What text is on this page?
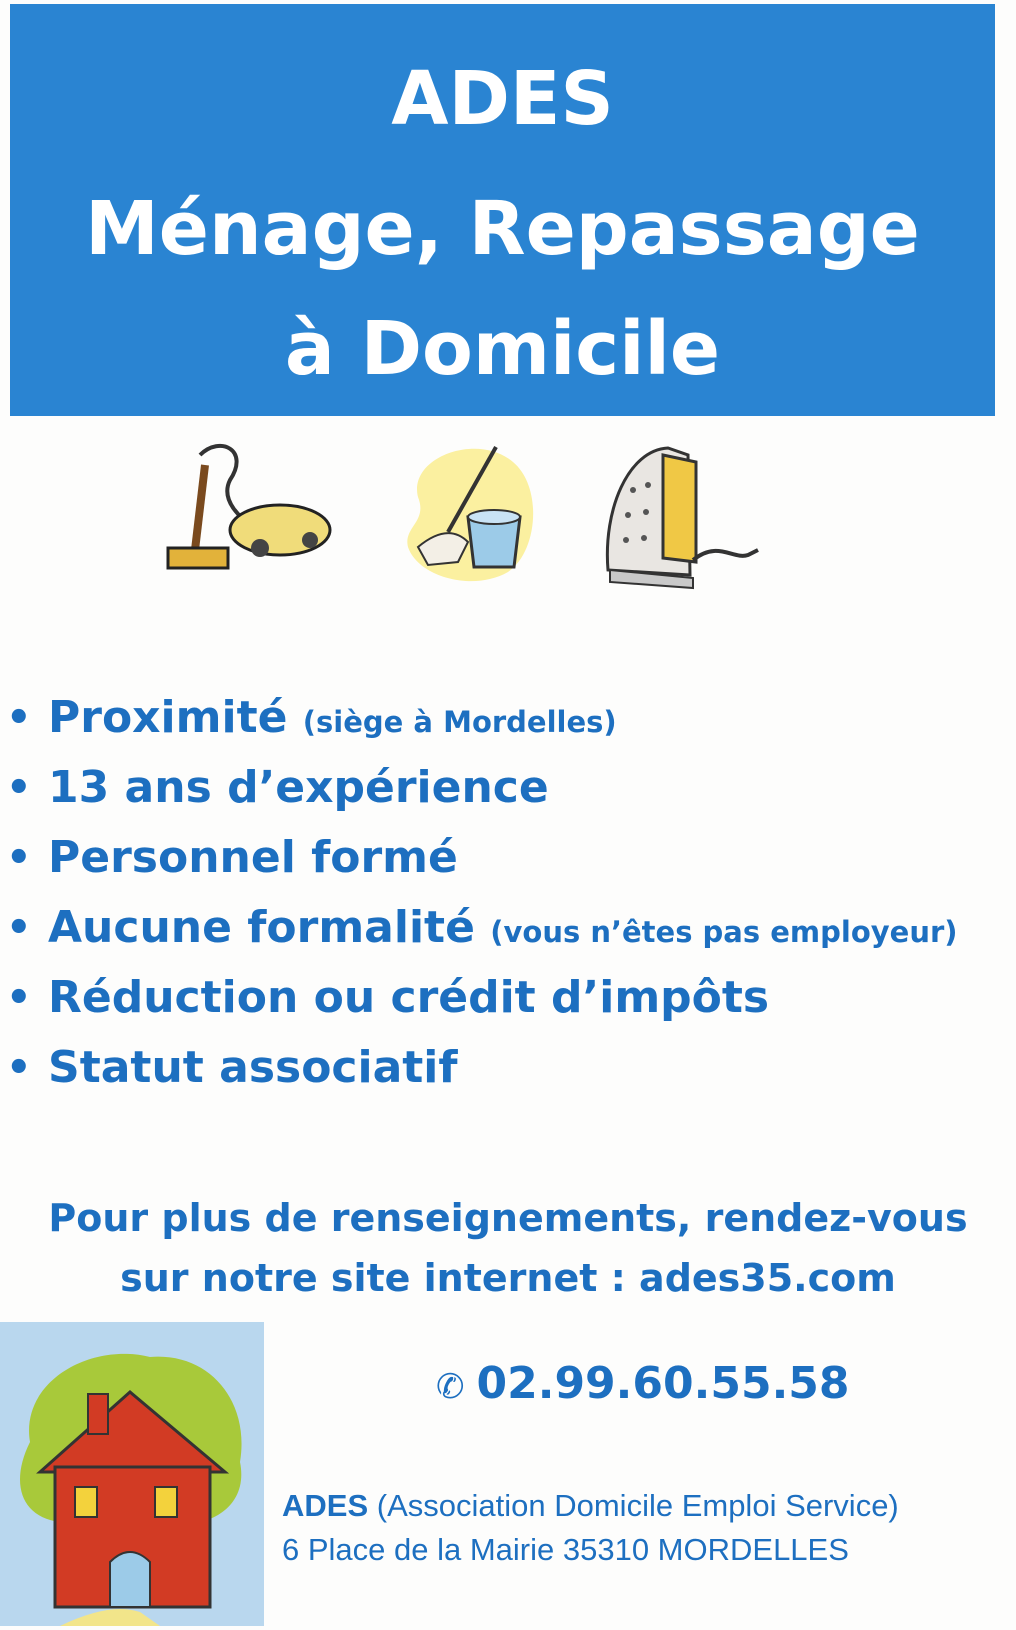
ADES
Ménage, Repassage
à Domicile
• Proximité (siège à Mordelles)
• 13 ans d’expérience
• Personnel formé
• Aucune formalité (vous n’êtes pas employeur)
• Réduction ou crédit d’impôts
• Statut associatif
Pour plus de renseignements, rendez-vous
sur notre site internet : ades35.com
✆ 02.99.60.55.58
ADES (Association Domicile Emploi Service)
6 Place de la Mairie 35310 MORDELLES
